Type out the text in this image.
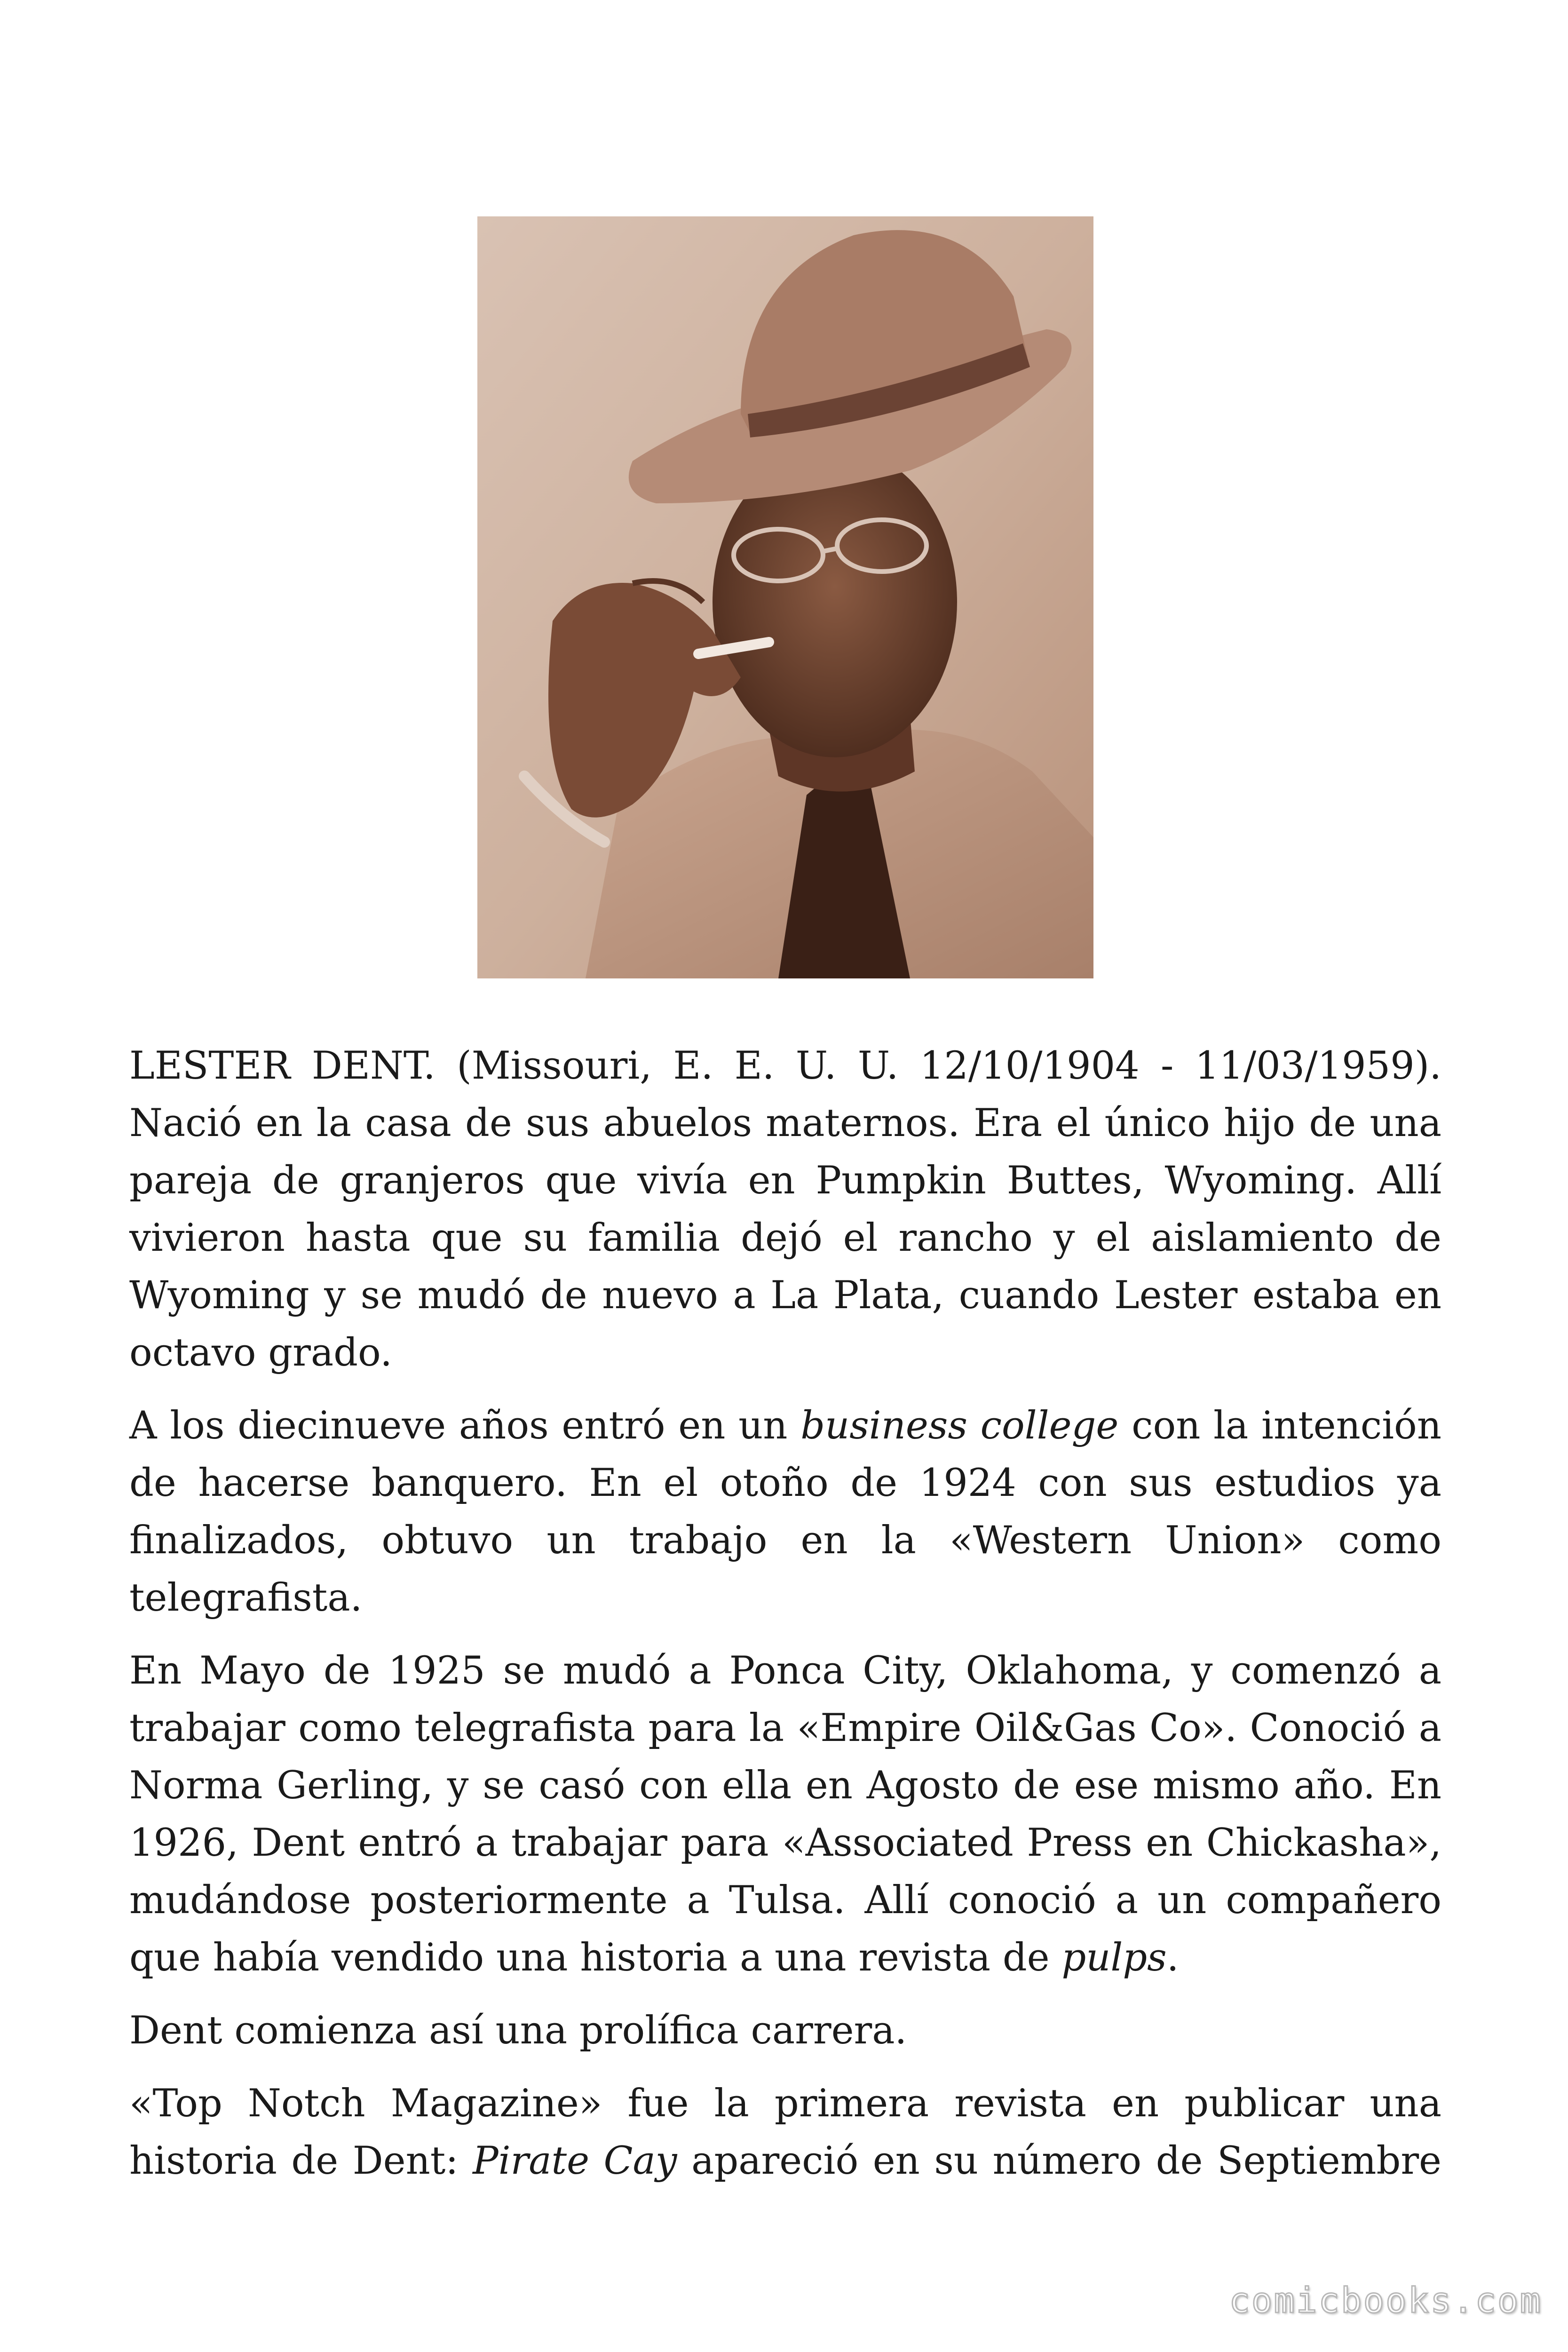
LESTER DENT. (Missouri, E. E. U. U. 12/10/1904 - 11/03/1959). Nació en la casa de sus abuelos maternos. Era el único hijo de una pareja de granjeros que vivía en Pumpkin Buttes, Wyoming. Allí vivieron hasta que su familia dejó el rancho y el aislamiento de Wyoming y se mudó de nuevo a La Plata, cuando Lester estaba en octavo grado.

A los diecinueve años entró en un business college con la intención de hacerse banquero. En el otoño de 1924 con sus estudios ya finalizados, obtuvo un trabajo en la «Western Union» como telegrafista.

En Mayo de 1925 se mudó a Ponca City, Oklahoma, y comenzó a trabajar como telegrafista para la «Empire Oil&Gas Co». Conoció a Norma Gerling, y se casó con ella en Agosto de ese mismo año. En 1926, Dent entró a trabajar para «Associated Press en Chickasha», mudándose posteriormente a Tulsa. Allí conoció a un compañero que había vendido una historia a una revista de pulps.

Dent comienza así una prolífica carrera.

«Top Notch Magazine» fue la primera revista en publicar una historia de Dent: Pirate Cay apareció en su número de Septiembre

comicbooks.com
